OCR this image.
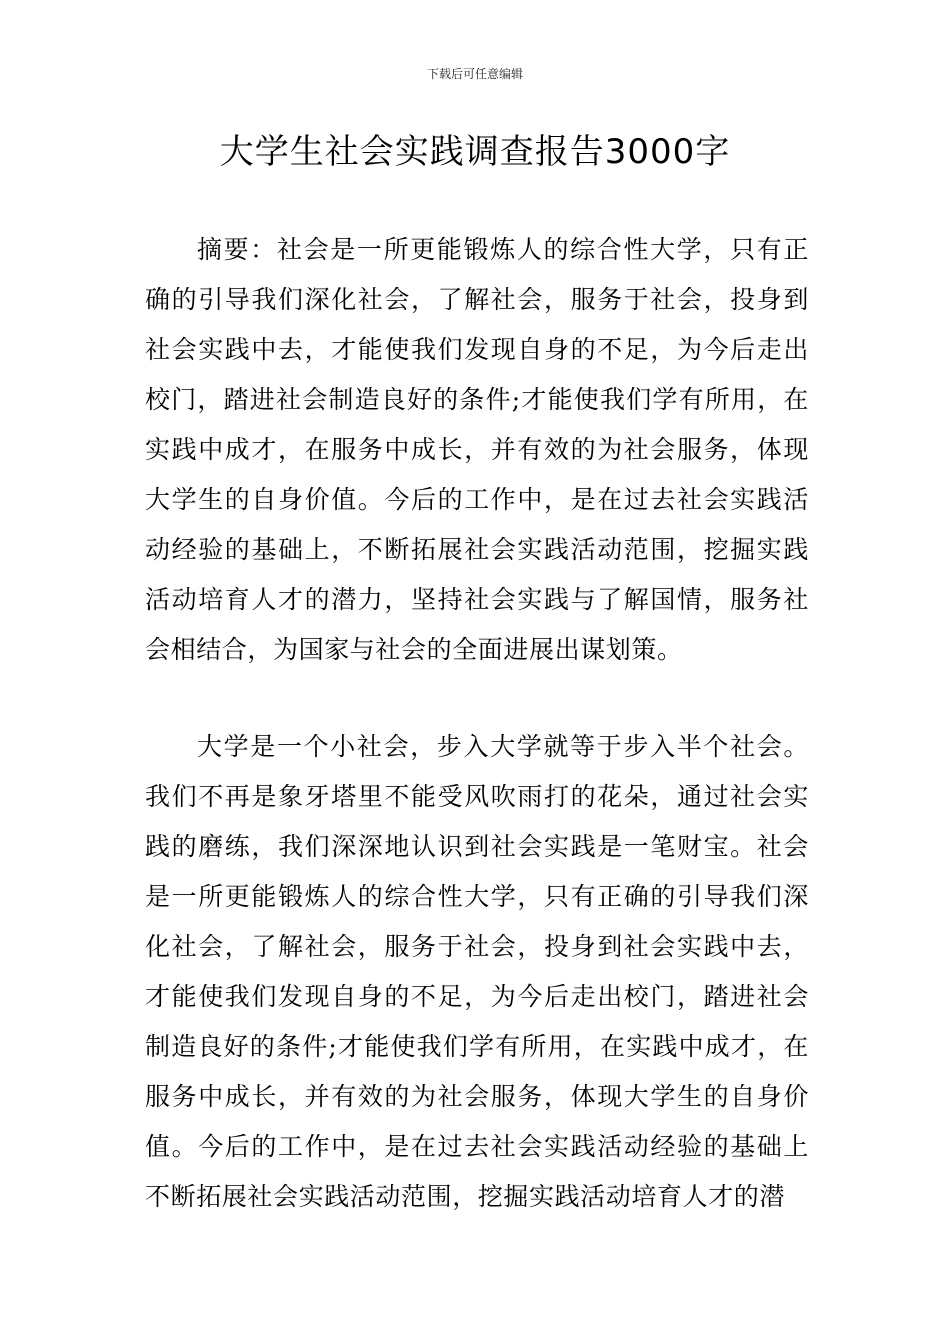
下载后可任意编辑
大学生社会实践调查报告3000字

摘要：社会是一所更能锻炼人的综合性大学，只有正确的引导我们深化社会，了解社会，服务于社会，投身到社会实践中去，才能使我们发现自身的不足，为今后走出校门，踏进社会制造良好的条件;才能使我们学有所用，在实践中成才，在服务中成长，并有效的为社会服务，体现大学生的自身价值。今后的工作中，是在过去社会实践活动经验的基础上，不断拓展社会实践活动范围，挖掘实践活动培育人才的潜力，坚持社会实践与了解国情，服务社会相结合，为国家与社会的全面进展出谋划策。

大学是一个小社会，步入大学就等于步入半个社会。我们不再是象牙塔里不能受风吹雨打的花朵，通过社会实践的磨练，我们深深地认识到社会实践是一笔财宝。社会是一所更能锻炼人的综合性大学，只有正确的引导我们深化社会，了解社会，服务于社会，投身到社会实践中去，才能使我们发现自身的不足，为今后走出校门，踏进社会制造良好的条件;才能使我们学有所用，在实践中成才，在服务中成长，并有效的为社会服务，体现大学生的自身价值。今后的工作中，是在过去社会实践活动经验的基础上不断拓展社会实践活动范围，挖掘实践活动培育人才的潜
